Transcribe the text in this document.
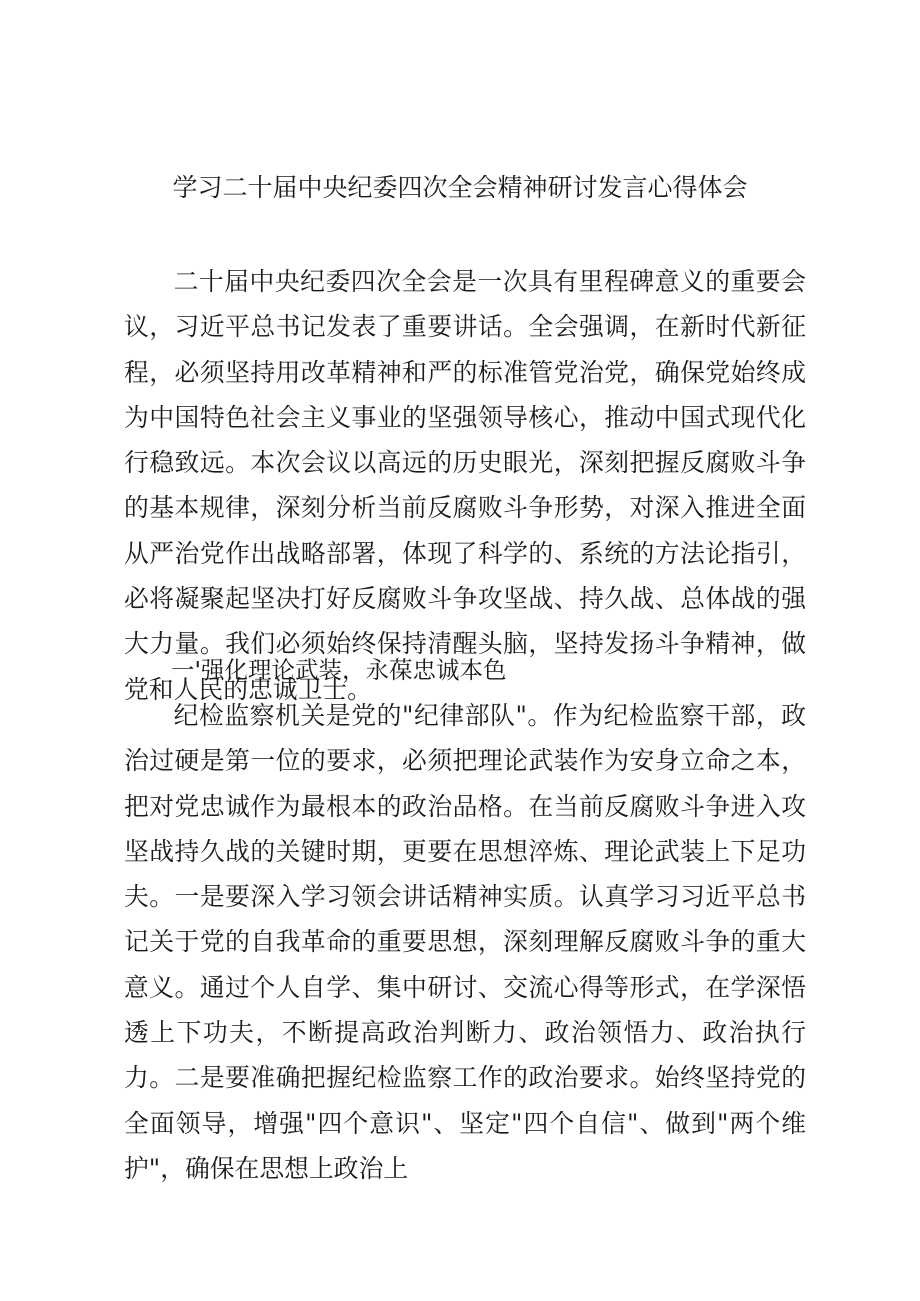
学习二十届中央纪委四次全会精神研讨发言心得体会
二十届中央纪委四次全会是一次具有里程碑意义的重要会议，习近平总书记发表了重要讲话。全会强调，在新时代新征程，必须坚持用改革精神和严的标准管党治党，确保党始终成为中国特色社会主义事业的坚强领导核心，推动中国式现代化行稳致远。本次会议以高远的历史眼光，深刻把握反腐败斗争的基本规律，深刻分析当前反腐败斗争形势，对深入推进全面从严治党作出战略部署，体现了科学的、系统的方法论指引，必将凝聚起坚决打好反腐败斗争攻坚战、持久战、总体战的强大力量。我们必须始终保持清醒头脑，坚持发扬斗争精神，做党和人民的忠诚卫士。
一'强化理论武装，永葆忠诚本色
纪检监察机关是党的"纪律部队"。作为纪检监察干部，政治过硬是第一位的要求，必须把理论武装作为安身立命之本，把对党忠诚作为最根本的政治品格。在当前反腐败斗争进入攻坚战持久战的关键时期，更要在思想淬炼、理论武装上下足功夫。一是要深入学习领会讲话精神实质。认真学习习近平总书记关于党的自我革命的重要思想，深刻理解反腐败斗争的重大意义。通过个人自学、集中研讨、交流心得等形式，在学深悟透上下功夫，不断提高政治判断力、政治领悟力、政治执行力。二是要准确把握纪检监察工作的政治要求。始终坚持党的全面领导，增强"四个意识"、坚定"四个自信"、做到"两个维护"，确保在思想上政治上
